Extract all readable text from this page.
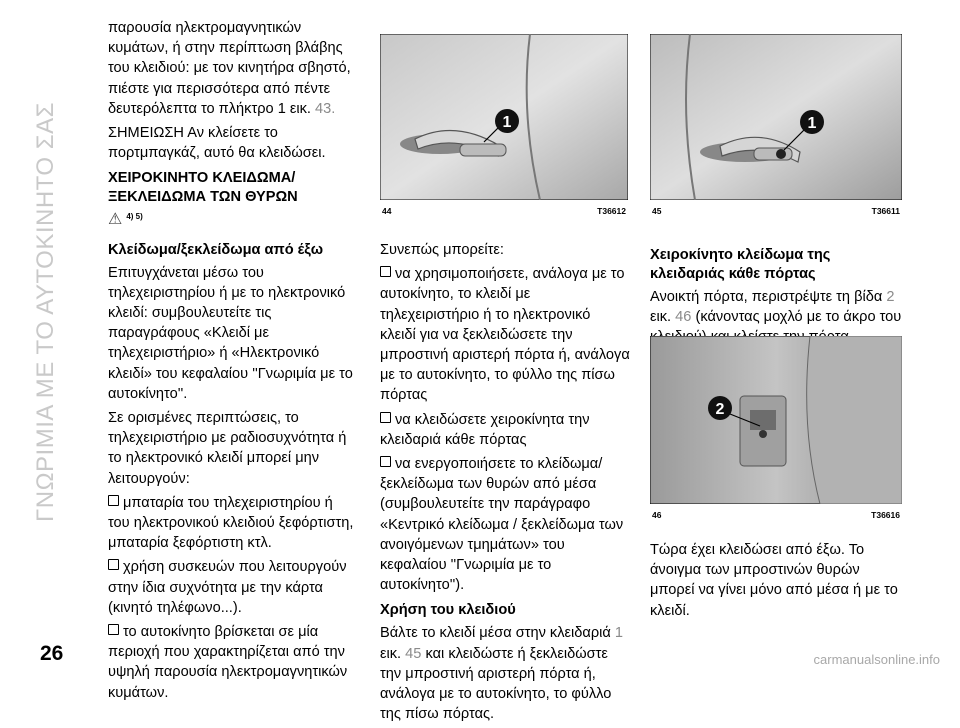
ΓΝΩΡΙΜΙΑ ΜΕ ΤΟ ΑΥΤΟΚΙΝΗΤΟ ΣΑΣ

παρουσία ηλεκτρομαγνητικών κυμάτων, ή στην περίπτωση βλάβης του κλειδιού: με τον κινητήρα σβηστό, πιέστε για περισσότερα από πέντε δευτερόλεπτα το πλήκτρο 1 εικ. 43.

ΣΗΜΕΙΩΣΗ Αν κλείσετε το πορτμπαγκάζ, αυτό θα κλειδώσει.

ΧΕΙΡΟΚΙΝΗΤΟ ΚΛΕΙΔΩΜΑ/ ΞΕΚΛΕΙΔΩΜΑ ΤΩΝ ΘΥΡΩΝ
⚠ 4) 5)
Κλείδωμα/ξεκλείδωμα από έξω

Επιτυγχάνεται μέσω του τηλεχειριστηρίου ή με το ηλεκτρονικό κλειδί: συμβουλευτείτε τις παραγράφους «Κλειδί με τηλεχειριστήριο» ή «Ηλεκτρονικό κλειδί» του κεφαλαίου ''Γνωριμία με το αυτοκίνητο''.

Σε ορισμένες περιπτώσεις, το τηλεχειριστήριο με ραδιοσυχνότητα ή το ηλεκτρονικό κλειδί μπορεί μην λειτουργούν:

μπαταρία του τηλεχειριστηρίου ή του ηλεκτρονικού κλειδιού ξεφόρτιστη, μπαταρία ξεφόρτιστη κτλ.

χρήση συσκευών που λειτουργούν στην ίδια συχνότητα με την κάρτα (κινητό τηλέφωνο...).

το αυτοκίνητο βρίσκεται σε μία περιοχή που χαρακτηρίζεται από την υψηλή παρουσία ηλεκτρομαγνητικών κυμάτων.

1
44	T36612
1
45	T36611

Συνεπώς μπορείτε:

να χρησιμοποιήσετε, ανάλογα με το αυτοκίνητο, το κλειδί με τηλεχειριστήριο ή το ηλεκτρονικό κλειδί για να ξεκλειδώσετε την μπροστινή αριστερή πόρτα ή, ανάλογα με το αυτοκίνητο, το φύλλο της πίσω πόρτας

να κλειδώσετε χειροκίνητα την κλειδαριά κάθε πόρτας

να ενεργοποιήσετε το κλείδωμα/ξεκλείδωμα των θυρών από μέσα (συμβουλευτείτε την παράγραφο «Κεντρικό κλείδωμα / ξεκλείδωμα των ανοιγόμενων τμημάτων» του κεφαλαίου ''Γνωριμία με το αυτοκίνητο'').

Χρήση του κλειδιού

Βάλτε το κλειδί μέσα στην κλειδαριά 1 εικ. 45 και κλειδώστε ή ξεκλειδώστε την μπροστινή αριστερή πόρτα ή, ανάλογα με το αυτοκίνητο, το φύλλο της πίσω πόρτας.

Χειροκίνητο κλείδωμα της κλειδαριάς κάθε πόρτας

Ανοικτή πόρτα, περιστρέψτε τη βίδα 2 εικ. 46 (κάνοντας μοχλό με το άκρο του

2
46	T36616

Τώρα έχει κλειδώσει από έξω. Το άνοιγμα των μπροστινών θυρών μπορεί να γίνει μόνο από μέσα ή με το κλειδί.

26	carmanualsonline.info
